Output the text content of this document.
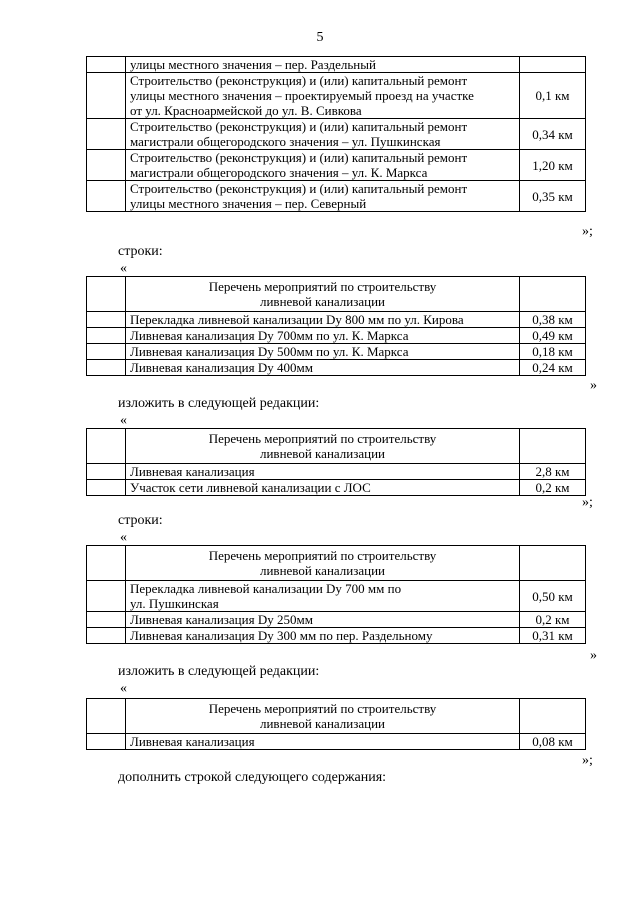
5

	улицы местного значения – пер. Раздельный	

	Строительство (реконструкция) и (или) капитальный ремонт
улицы местного значения – проектируемый проезд на участке
от ул. Красноармейской до ул. В. Сивкова	0,1 км

	Строительство (реконструкция) и (или) капитальный ремонт
магистрали общегородского значения – ул. Пушкинская	0,34 км

	Строительство (реконструкция) и (или) капитальный ремонт
магистрали общегородского значения – ул. К. Маркса	1,20 км

	Строительство (реконструкция) и (или) капитальный ремонт
улицы местного значения – пер. Северный	0,35 км
»;
строки:
«

	Перечень мероприятий по строительству
ливневой канализации	

	Перекладка ливневой канализации Dy 800 мм по ул. Кирова	0,38 км

	Ливневая канализация Dy 700мм по ул. К. Маркса	0,49 км

	Ливневая канализация Dy 500мм по ул. К. Маркса	0,18 км

	Ливневая канализация Dy 400мм	0,24 км
»
изложить в следующей редакции:
«

	Перечень мероприятий по строительству
ливневой канализации	

	Ливневая канализация	2,8 км

	Участок сети ливневой канализации с ЛОС	0,2 км
»;
строки:
«

	Перечень мероприятий по строительству
ливневой канализации	

	Перекладка ливневой канализации Dy 700 мм по
ул. Пушкинская	0,50 км

	Ливневая канализация Dy 250мм	0,2 км

	Ливневая канализация Dy 300 мм по пер. Раздельному	0,31 км
»
изложить в следующей редакции:
«

	Перечень мероприятий по строительству
ливневой канализации	

	Ливневая канализация	0,08 км
»;
дополнить строкой следующего содержания:
